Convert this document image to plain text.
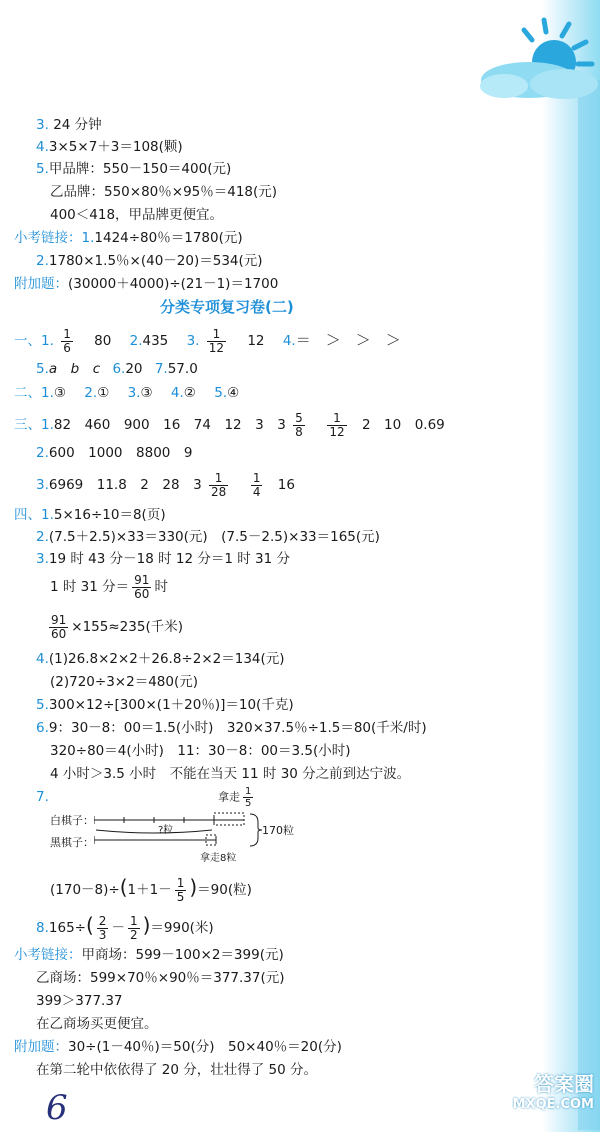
3. 24 分钟
4.3×5×7＋3＝108(颗)
5.甲品牌：550－150＝400(元)
乙品牌：550×80％×95％＝418(元)
400＜418，甲品牌更便宜。
小考链接：1.1424÷80％＝1780(元)
2.1780×1.5％×(40－20)＝534(元)
附加题：(30000＋4000)÷(21－1)＝1700
分类专项复习卷(二)
一、1. $\frac{1}{6} 80$ 2.435 3. $\frac{1}{12} 12$ 4.＝　＞　＞　＞
5.a　b　c 6.20 7.57.0
二、1.③ 2.① 3.③ 4.② 5.④
三、1.82　460　900　16　74　12　3　$3 \frac{5}{8}$
$\frac{1}{12} 2$　10　0.69
2.600　1000　8800　9
3.6969　11.8　2　28　$3 \frac{1}{28}$
$\frac{1}{4} 16$
四、1.5×16÷10＝8(页)
2.(7.5＋2.5)×33＝330(元)　(7.5－2.5)×33＝165(元)
3.19 时 43 分－18 时 12 分＝1 时 31 分
1 时 31 分＝ $\frac{91}{60}$ 时
$\frac{91}{60} \times 155\approx 235$(千米)
4.(1)26.8×2×2＋26.8÷2×2＝134(元)
(2)720÷3×2＝480(元)
5.300×12÷[300×(1＋20％)]＝10(千克)
6.9：30－8：00＝1.5(小时)　320×37.5％÷1.5＝80(千米/时)
320÷80＝4(小时)　11：30－8：00＝3.5(小时)
4 小时＞3.5 小时　不能在当天 11 时 30 分之前到达宁波。
7.	拿走 $\frac{1}{5}$
白棋子：
黑棋子：
?粒	170粒
拿走8粒
$(170-8)\div(1+1- \frac{1}{5} )=90$(粒)
$8.165\div( \frac{2}{3} - \frac{1}{2} )=990$(米)
小考链接：甲商场：599－100×2＝399(元)
乙商场：599×70％×90％＝377.37(元)
399＞377.37
在乙商场买更便宜。
附加题：30÷(1－40％)＝50(分)　50×40％＝20(分)
在第二轮中依依得了 20 分，壮壮得了 50 分。
6
答案圈
MXQE.COM
